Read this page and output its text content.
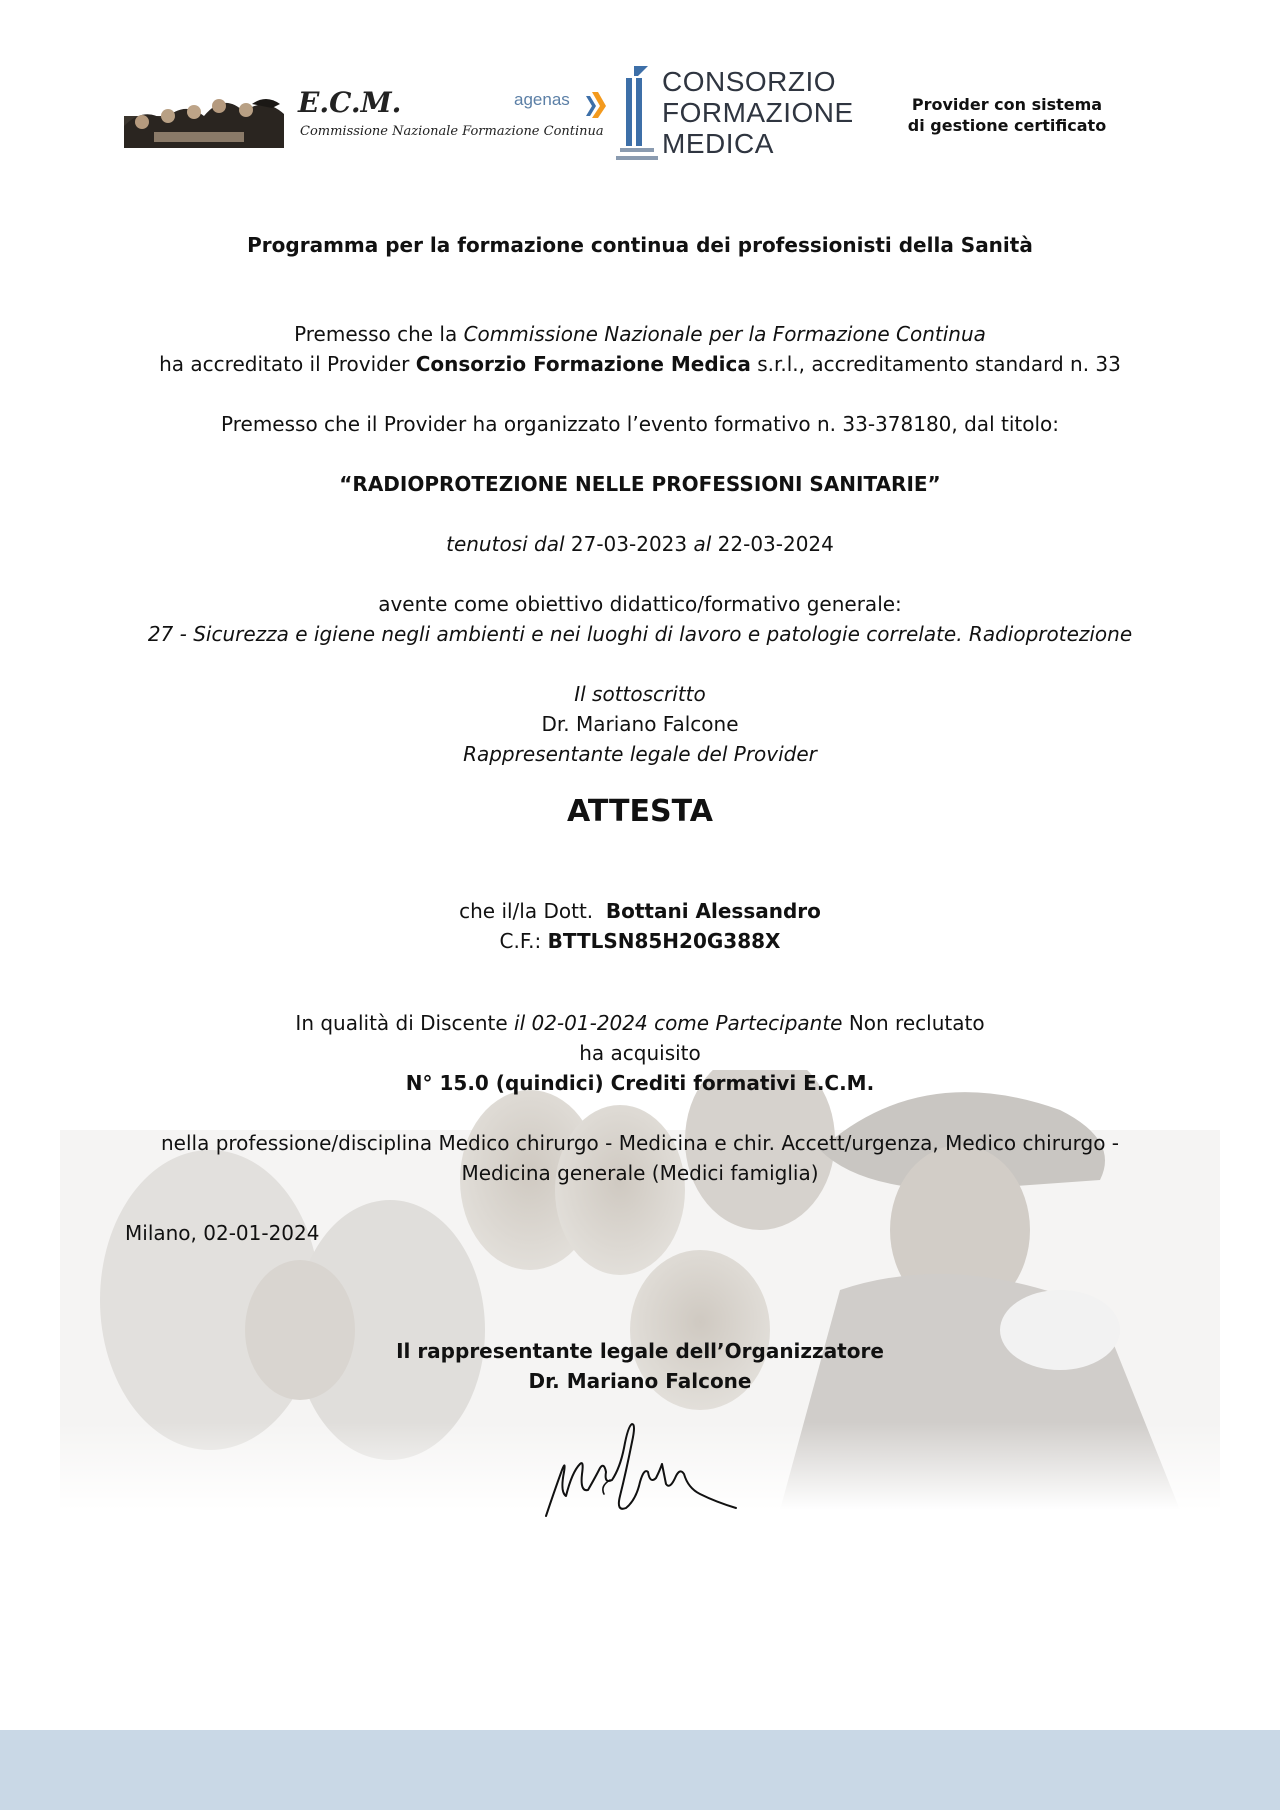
E.C.M.
Commissione Nazionale Formazione Continua
agenas
CONSORZIO
FORMAZIONE
MEDICA
Provider con sistema
di gestione certificato
Programma per la formazione continua dei professionisti della Sanità

Premesso che la Commissione Nazionale per la Formazione Continua

ha accreditato il Provider Consorzio Formazione Medica s.r.l., accreditamento standard n. 33

Premesso che il Provider ha organizzato l’evento formativo n. 33-378180, dal titolo:
“RADIOPROTEZIONE NELLE PROFESSIONI SANITARIE”
tenutosi dal 27-03-2023 al 22-03-2024

avente come obiettivo didattico/formativo generale:

27 - Sicurezza e igiene negli ambienti e nei luoghi di lavoro e patologie correlate. Radioprotezione

Il sottoscritto

Dr. Mariano Falcone

Rappresentante legale del Provider

ATTESTA

che il/la Dott.  Bottani Alessandro

C.F.: BTTLSN85H20G388X

In qualità di Discente il 02-01-2024 come Partecipante Non reclutato

ha acquisito

N° 15.0 (quindici) Crediti formativi E.C.M.

nella professione/disciplina Medico chirurgo - Medicina e chir. Accett/urgenza, Medico chirurgo -

Medicina generale (Medici famiglia)

Milano, 02-01-2024

Il rappresentante legale dell’Organizzatore

Dr. Mariano Falcone
